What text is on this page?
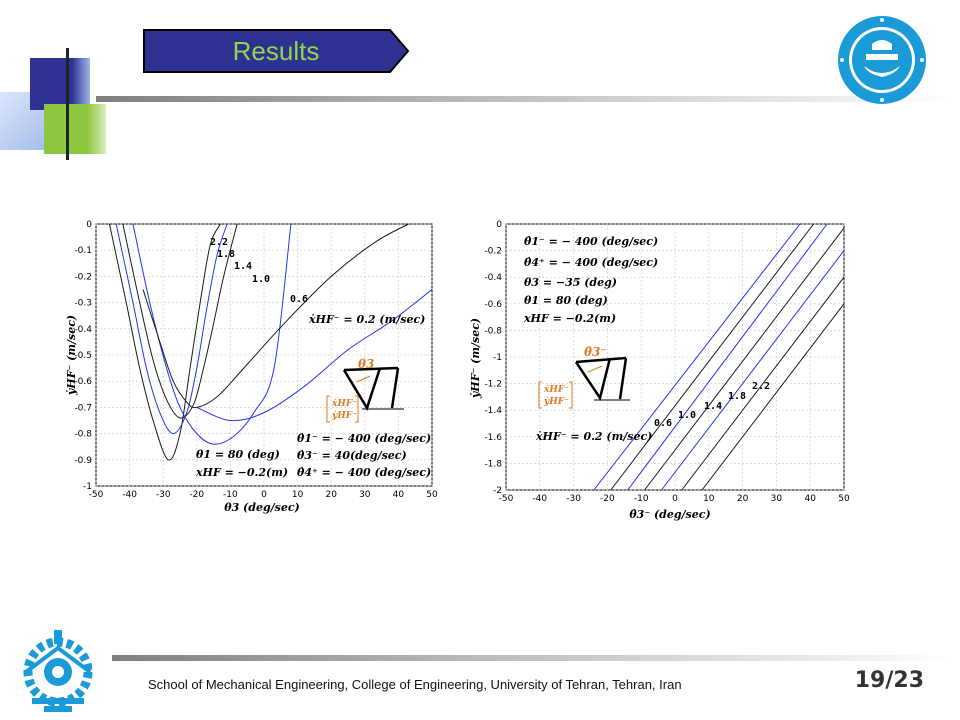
Results
-50 -40 -30 -20 -10	0	10 20 30 40 50
0
-0.1
-0.2
-0.3
-0.4
-0.5
-0.6
-0.7
-0.8
-0.9
-1
2.2
1.8
1.4
1.0
0.6
ẋHF⁻ = 0.2 (m/sec)
θ1 = 80 (deg)
xHF = −0.2(m)
θ̇1⁻ = − 400 (deg/sec)
θ̇3⁻ = 40(deg/sec)
θ̇4⁺ = − 400 (deg/sec)
θ3
ẋHF⁻
ẏHF⁻
θ3 (deg/sec)
ẏHF⁻ (m/sec)
-50 -40 -30 -20 -10	0	10 20 30 40 50
0
-0.2
-0.4
-0.6
-0.8
-1
-1.2
-1.4
-1.6
-1.8
-2
θ̇1⁻ = − 400 (deg/sec)
θ̇4⁺ = − 400 (deg/sec)
θ3 = −35 (deg)
θ1 = 80 (deg)
xHF = −0.2(m)
ẋHF⁻ = 0.2 (m/sec)
0.6
1.0
1.4
1.8
2.2
θ̇3⁻
ẋHF⁻
ẏHF⁻
θ̇3⁻ (deg/sec)
ẏHF⁻ (m/sec)
School of Mechanical Engineering, College of Engineering, University of Tehran, Tehran, Iran	19/23
